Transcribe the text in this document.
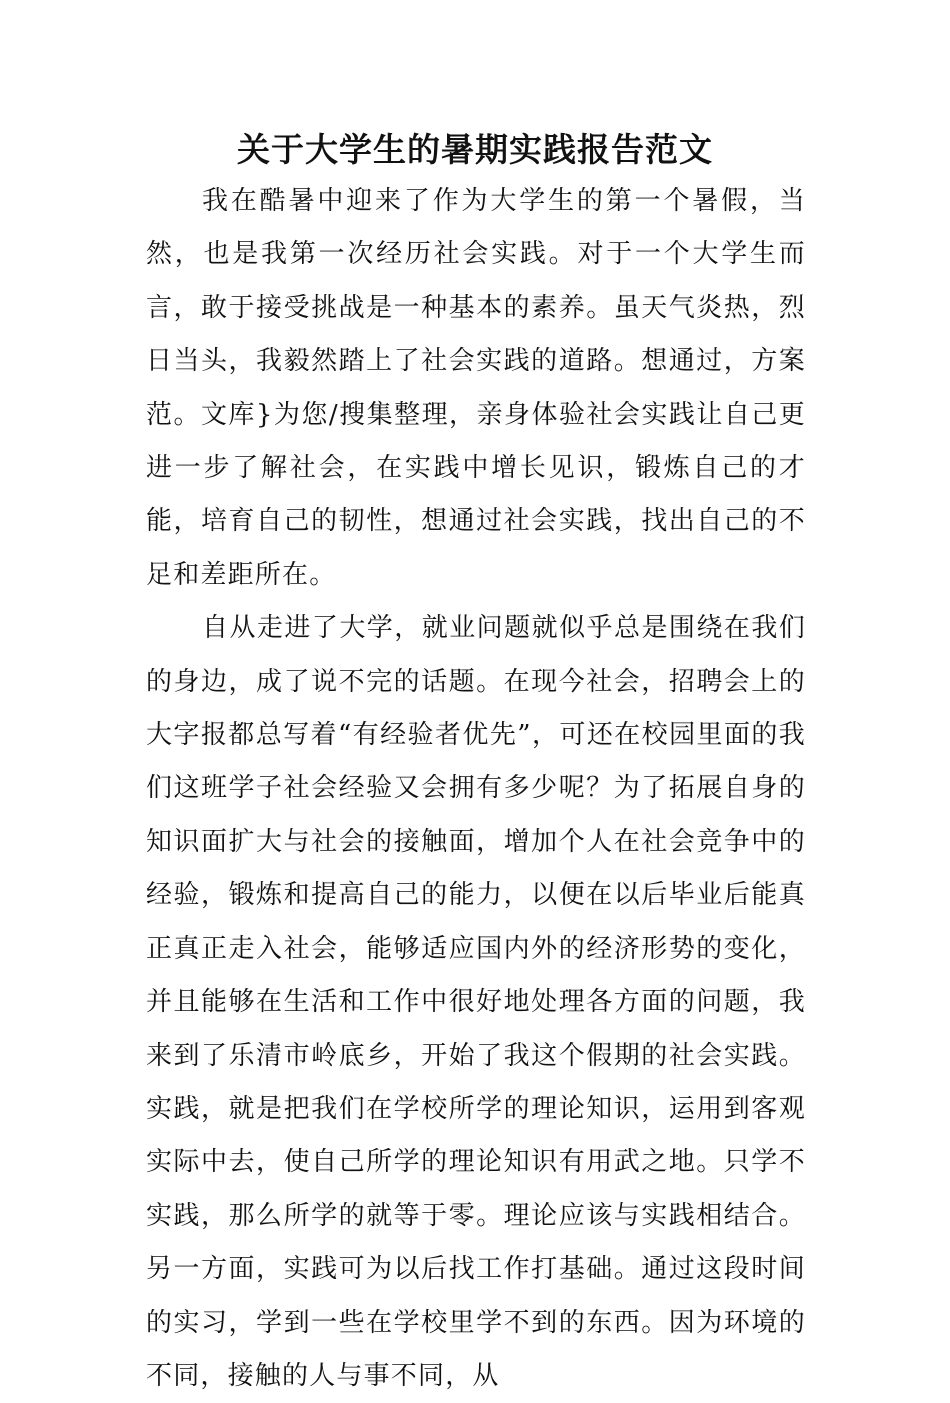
关于大学生的暑期实践报告范文

我在酷暑中迎来了作为大学生的第一个暑假，当然，也是我第一次经历社会实践。对于一个大学生而言，敢于接受挑战是一种基本的素养。虽天气炎热，烈日当头，我毅然踏上了社会实践的道路。想通过，方案范。文库}为您/搜集整理，亲身体验社会实践让自己更进一步了解社会，在实践中增长见识，锻炼自己的才能，培育自己的韧性，想通过社会实践，找出自己的不足和差距所在。

自从走进了大学，就业问题就似乎总是围绕在我们的身边，成了说不完的话题。在现今社会，招聘会上的大字报都总写着“有经验者优先”，可还在校园里面的我们这班学子社会经验又会拥有多少呢？为了拓展自身的知识面扩大与社会的接触面，增加个人在社会竞争中的经验，锻炼和提高自己的能力，以便在以后毕业后能真正真正走入社会，能够适应国内外的经济形势的变化，并且能够在生活和工作中很好地处理各方面的问题，我来到了乐清市岭底乡，开始了我这个假期的社会实践。实践，就是把我们在学校所学的理论知识，运用到客观实际中去，使自己所学的理论知识有用武之地。只学不实践，那么所学的就等于零。理论应该与实践相结合。另一方面，实践可为以后找工作打基础。通过这段时间的实习，学到一些在学校里学不到的东西。因为环境的不同，接触的人与事不同，从
